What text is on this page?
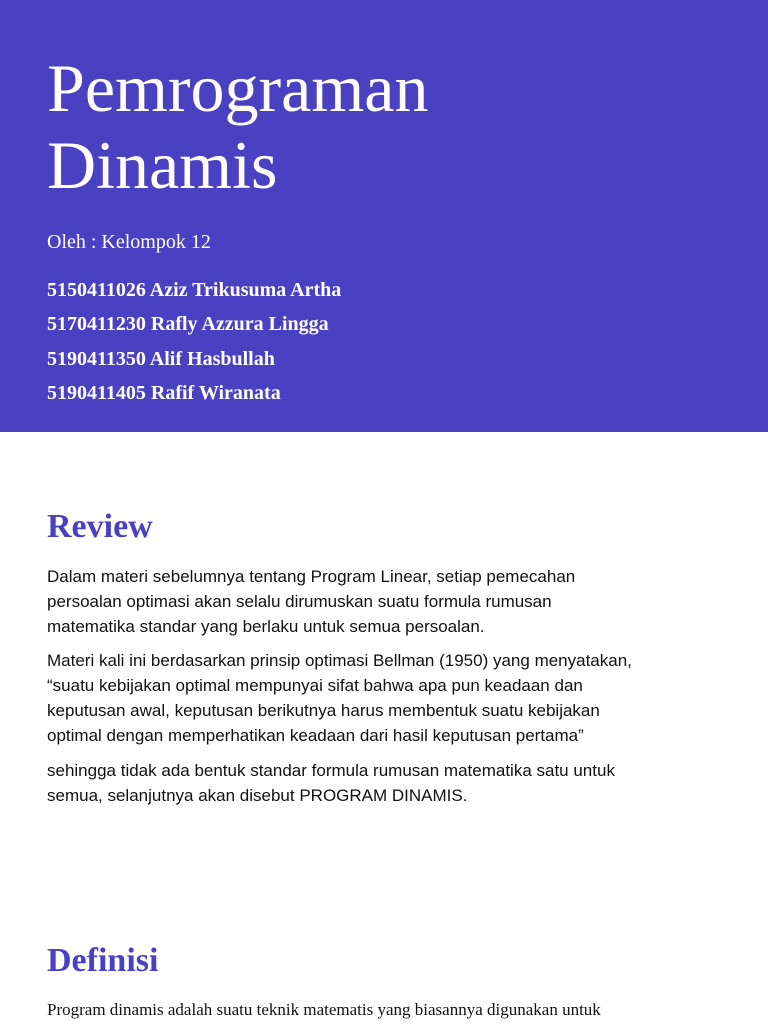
Pemrograman
Dinamis
Oleh : Kelompok 12
5150411026 Aziz Trikusuma Artha
5170411230 Rafly Azzura Lingga
5190411350 Alif Hasbullah
5190411405 Rafif Wiranata
Review
Dalam materi sebelumnya tentang Program Linear, setiap pemecahan
persoalan optimasi akan selalu dirumuskan suatu formula rumusan
matematika standar yang berlaku untuk semua persoalan.
Materi kali ini berdasarkan prinsip optimasi Bellman (1950) yang menyatakan,
“suatu kebijakan optimal mempunyai sifat bahwa apa pun keadaan dan
keputusan awal, keputusan berikutnya harus membentuk suatu kebijakan
optimal dengan memperhatikan keadaan dari hasil keputusan pertama”
sehingga tidak ada bentuk standar formula rumusan matematika satu untuk
semua, selanjutnya akan disebut PROGRAM DINAMIS.
Definisi
Program dinamis adalah suatu teknik matematis yang biasannya digunakan untuk
